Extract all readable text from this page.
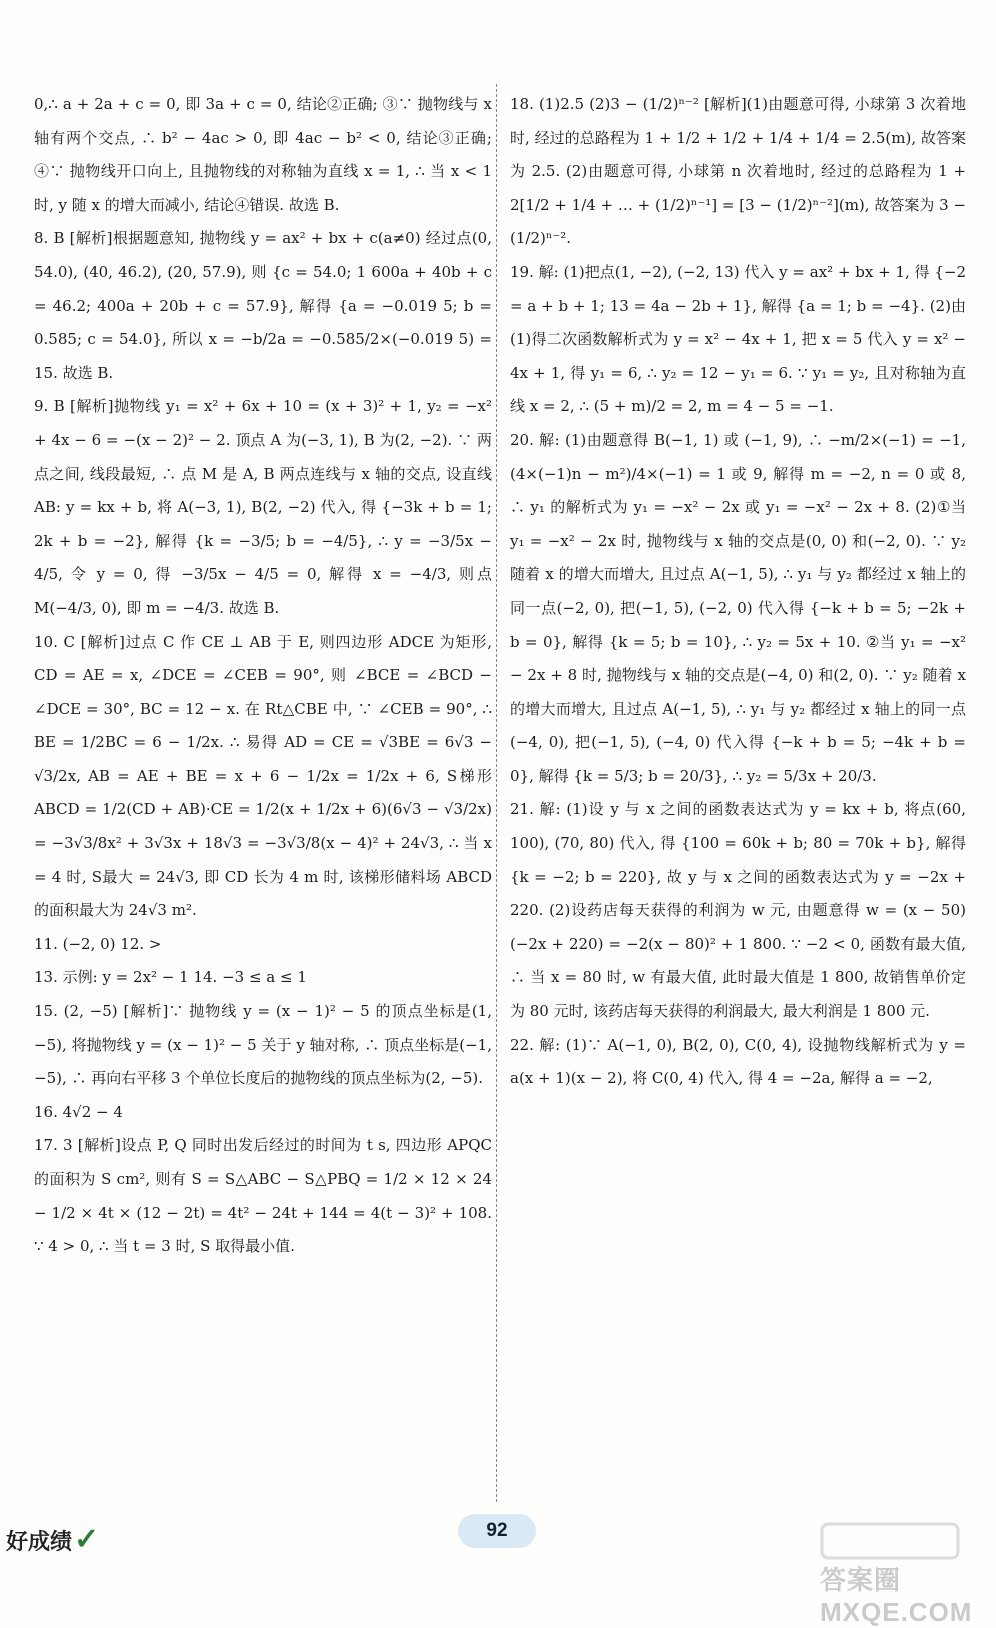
0,∴ a + 2a + c = 0, 即 3a + c = 0, 结论②正确; ③∵ 抛物线与 x 轴有两个交点, ∴ b² − 4ac > 0, 即 4ac − b² < 0, 结论③正确; ④∵ 抛物线开口向上, 且抛物线的对称轴为直线 x = 1, ∴ 当 x < 1 时, y 随 x 的增大而减小, 结论④错误. 故选 B.

8. B [解析]根据题意知, 抛物线 y = ax² + bx + c(a≠0) 经过点(0, 54.0), (40, 46.2), (20, 57.9), 则 {c = 54.0; 1 600a + 40b + c = 46.2; 400a + 20b + c = 57.9}, 解得 {a = −0.019 5; b = 0.585; c = 54.0}, 所以 x = −b/2a = −0.585/2×(−0.019 5) = 15. 故选 B.

9. B [解析]抛物线 y₁ = x² + 6x + 10 = (x + 3)² + 1, y₂ = −x² + 4x − 6 = −(x − 2)² − 2. 顶点 A 为(−3, 1), B 为(2, −2). ∵ 两点之间, 线段最短, ∴ 点 M 是 A, B 两点连线与 x 轴的交点, 设直线 AB: y = kx + b, 将 A(−3, 1), B(2, −2) 代入, 得 {−3k + b = 1; 2k + b = −2}, 解得 {k = −3/5; b = −4/5}, ∴ y = −3/5x − 4/5, 令 y = 0, 得 −3/5x − 4/5 = 0, 解得 x = −4/3, 则点 M(−4/3, 0), 即 m = −4/3. 故选 B.

10. C [解析]过点 C 作 CE ⊥ AB 于 E, 则四边形 ADCE 为矩形, CD = AE = x, ∠DCE = ∠CEB = 90°, 则 ∠BCE = ∠BCD − ∠DCE = 30°, BC = 12 − x. 在 Rt△CBE 中, ∵ ∠CEB = 90°, ∴ BE = 1/2BC = 6 − 1/2x. ∴ 易得 AD = CE = √3BE = 6√3 − √3/2x, AB = AE + BE = x + 6 − 1/2x = 1/2x + 6, S梯形ABCD = 1/2(CD + AB)·CE = 1/2(x + 1/2x + 6)(6√3 − √3/2x) = −3√3/8x² + 3√3x + 18√3 = −3√3/8(x − 4)² + 24√3, ∴ 当 x = 4 时, S最大 = 24√3, 即 CD 长为 4 m 时, 该梯形储料场 ABCD 的面积最大为 24√3 m².

11. (−2, 0) 12. >

13. 示例: y = 2x² − 1 14. −3 ≤ a ≤ 1

15. (2, −5) [解析]∵ 抛物线 y = (x − 1)² − 5 的顶点坐标是(1, −5), 将抛物线 y = (x − 1)² − 5 关于 y 轴对称, ∴ 顶点坐标是(−1, −5), ∴ 再向右平移 3 个单位长度后的抛物线的顶点坐标为(2, −5).

16. 4√2 − 4

17. 3 [解析]设点 P, Q 同时出发后经过的时间为 t s, 四边形 APQC 的面积为 S cm², 则有 S = S△ABC − S△PBQ = 1/2 × 12 × 24 − 1/2 × 4t × (12 − 2t) = 4t² − 24t + 144 = 4(t − 3)² + 108. ∵ 4 > 0, ∴ 当 t = 3 时, S 取得最小值.

18. (1)2.5 (2)3 − (1/2)ⁿ⁻² [解析](1)由题意可得, 小球第 3 次着地时, 经过的总路程为 1 + 1/2 + 1/2 + 1/4 + 1/4 = 2.5(m), 故答案为 2.5. (2)由题意可得, 小球第 n 次着地时, 经过的总路程为 1 + 2[1/2 + 1/4 + … + (1/2)ⁿ⁻¹] = [3 − (1/2)ⁿ⁻²](m), 故答案为 3 − (1/2)ⁿ⁻².

19. 解: (1)把点(1, −2), (−2, 13) 代入 y = ax² + bx + 1, 得 {−2 = a + b + 1; 13 = 4a − 2b + 1}, 解得 {a = 1; b = −4}. (2)由(1)得二次函数解析式为 y = x² − 4x + 1, 把 x = 5 代入 y = x² − 4x + 1, 得 y₁ = 6, ∴ y₂ = 12 − y₁ = 6. ∵ y₁ = y₂, 且对称轴为直线 x = 2, ∴ (5 + m)/2 = 2, m = 4 − 5 = −1.

20. 解: (1)由题意得 B(−1, 1) 或 (−1, 9), ∴ −m/2×(−1) = −1, (4×(−1)n − m²)/4×(−1) = 1 或 9, 解得 m = −2, n = 0 或 8, ∴ y₁ 的解析式为 y₁ = −x² − 2x 或 y₁ = −x² − 2x + 8. (2)①当 y₁ = −x² − 2x 时, 抛物线与 x 轴的交点是(0, 0) 和(−2, 0). ∵ y₂ 随着 x 的增大而增大, 且过点 A(−1, 5), ∴ y₁ 与 y₂ 都经过 x 轴上的同一点(−2, 0), 把(−1, 5), (−2, 0) 代入得 {−k + b = 5; −2k + b = 0}, 解得 {k = 5; b = 10}, ∴ y₂ = 5x + 10. ②当 y₁ = −x² − 2x + 8 时, 抛物线与 x 轴的交点是(−4, 0) 和(2, 0). ∵ y₂ 随着 x 的增大而增大, 且过点 A(−1, 5), ∴ y₁ 与 y₂ 都经过 x 轴上的同一点(−4, 0), 把(−1, 5), (−4, 0) 代入得 {−k + b = 5; −4k + b = 0}, 解得 {k = 5/3; b = 20/3}, ∴ y₂ = 5/3x + 20/3.

21. 解: (1)设 y 与 x 之间的函数表达式为 y = kx + b, 将点(60, 100), (70, 80) 代入, 得 {100 = 60k + b; 80 = 70k + b}, 解得 {k = −2; b = 220}, 故 y 与 x 之间的函数表达式为 y = −2x + 220. (2)设药店每天获得的利润为 w 元, 由题意得 w = (x − 50)(−2x + 220) = −2(x − 80)² + 1 800. ∵ −2 < 0, 函数有最大值, ∴ 当 x = 80 时, w 有最大值, 此时最大值是 1 800, 故销售单价定为 80 元时, 该药店每天获得的利润最大, 最大利润是 1 800 元.

22. 解: (1)∵ A(−1, 0), B(2, 0), C(0, 4), 设抛物线解析式为 y = a(x + 1)(x − 2), 将 C(0, 4) 代入, 得 4 = −2a, 解得 a = −2,

好成绩✓	92
答案圈 MXQE.COM
